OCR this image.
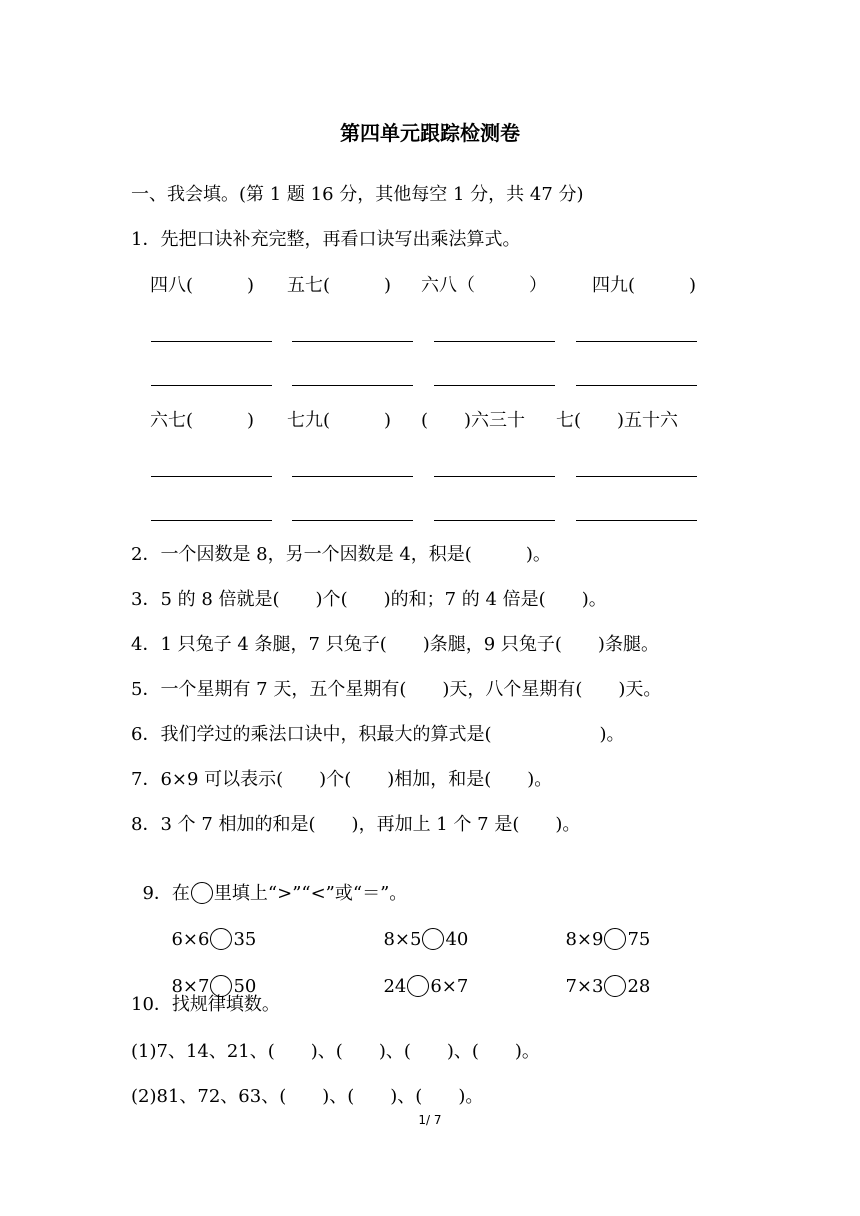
第四单元跟踪检测卷
一、我会填。(第 1 题 16 分，其他每空 1 分，共 47 分)
1．先把口诀补充完整，再看口诀写出乘法算式。
四八(　　　) 五七(　　　) 六八（　　　）	四九(　　　)
六七(　　　) 七九(　　　) (　　)六三十 七(　　)五十六
2．一个因数是 8，另一个因数是 4，积是(　　　)。
3．5 的 8 倍就是(　　)个(　　)的和；7 的 4 倍是(　　)。
4．1 只兔子 4 条腿，7 只兔子(　　)条腿，9 只兔子(　　)条腿。
5．一个星期有 7 天，五个星期有(　　)天，八个星期有(　　)天。
6．我们学过的乘法口诀中，积最大的算式是(　　　　　　)。
7．6×9 可以表示(　　)个(　　)相加，和是(　　)。
8．3 个 7 相加的和是(　　)，再加上 1 个 7 是(　　)。

9．在 里填上“>”“<”或“＝”。

6×6 35	8×5 40	8×9 75

8×7 50	24 6×7	7×3 28

10．找规律填数。
(1)7、14、21、(　　)、(　　)、(　　)、(　　)。
(2)81、72、63、(　　)、(　　)、(　　)。
1/ 7
